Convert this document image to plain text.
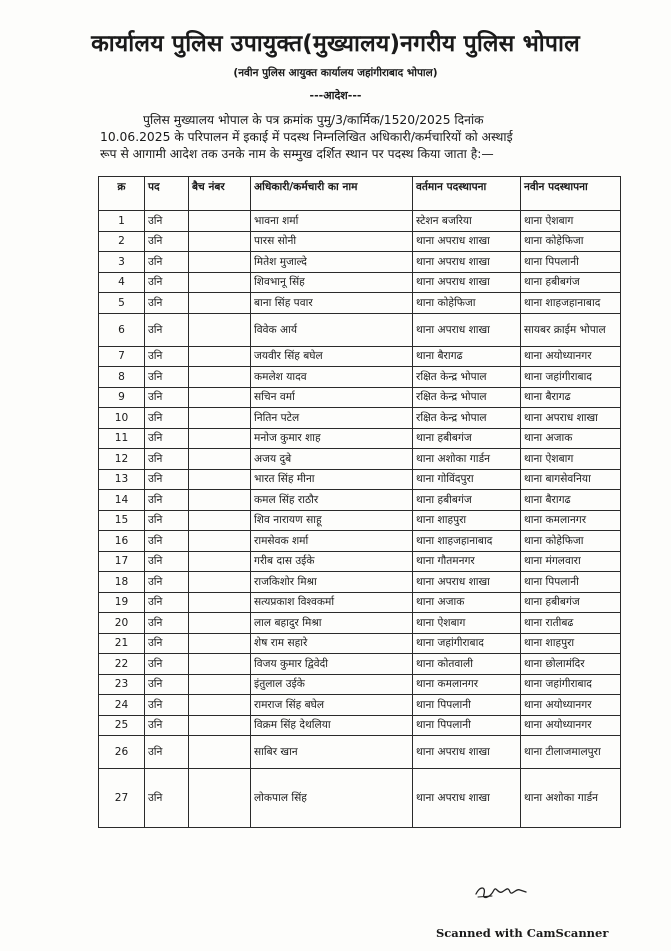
कार्यालय पुलिस उपायुक्त(मुख्यालय)नगरीय पुलिस भोपाल
(नवीन पुलिस आयुक्त कार्यालय जहांगीराबाद भोपाल)
---आदेश---
पुलिस मुख्यालय भोपाल के पत्र क्रमांक पुमु/3/कार्मिक/1520/2025 दिनांक
10.06.2025 के परिपालन में इकाई में पदस्थ निम्नलिखित अधिकारी/कर्मचारियों को अस्थाई
रूप से आगामी आदेश तक उनके नाम के सम्मुख दर्शित स्थान पर पदस्थ किया जाता है:—
क्र	पद	बैच नंबर	अधिकारी/कर्मचारी का नाम	वर्तमान पदस्थापना	नवीन पदस्थापना
1	उनि		भावना शर्मा	स्टेशन बजरिया	थाना ऐशबाग
2	उनि		पारस सोनी	थाना अपराध शाखा	थाना कोहेफिजा
3	उनि		मितेश मुजाल्दे	थाना अपराध शाखा	थाना पिपलानी
4	उनि		शिवभानू सिंह	थाना अपराध शाखा	थाना हबीबगंज
5	उनि		बाना सिंह पवार	थाना कोहेफिजा	थाना शाहजहानाबाद
6	उनि		विवेक आर्य	थाना अपराध शाखा	सायबर क्राईम भोपाल
7	उनि		जयवीर सिंह बघेल	थाना बैरागढ	थाना अयोध्यानगर
8	उनि		कमलेश यादव	रक्षित केन्द्र भोपाल	थाना जहांगीराबाद
9	उनि		सचिन वर्मा	रक्षित केन्द्र भोपाल	थाना बैरागढ
10	उनि		नितिन पटेल	रक्षित केन्द्र भोपाल	थाना अपराध शाखा
11	उनि		मनोज कुमार शाह	थाना हबीबगंज	थाना अजाक
12	उनि		अजय दुबे	थाना अशोका गार्डन	थाना ऐशबाग
13	उनि		भारत सिंह मीना	थाना गोविंदपुरा	थाना बागसेवनिया
14	उनि		कमल सिंह राठौर	थाना हबीबगंज	थाना बैरागढ
15	उनि		शिव नारायण साहू	थाना शाहपुरा	थाना कमलानगर
16	उनि		रामसेवक शर्मा	थाना शाहजहानाबाद	थाना कोहेफिजा
17	उनि		गरीब दास उईके	थाना गौतमनगर	थाना मंगलवारा
18	उनि		राजकिशोर मिश्रा	थाना अपराध शाखा	थाना पिपलानी
19	उनि		सत्यप्रकाश विश्वकर्मा	थाना अजाक	थाना हबीबगंज
20	उनि		लाल बहादुर मिश्रा	थाना ऐशबाग	थाना रातीबढ
21	उनि		शेष राम सहारे	थाना जहांगीराबाद	थाना शाहपुरा
22	उनि		विजय कुमार द्विवेदी	थाना कोतवाली	थाना छोलामंदिर
23	उनि		इंतुलाल उईके	थाना कमलानगर	थाना जहांगीराबाद
24	उनि		रामराज सिंह बघेल	थाना पिपलानी	थाना अयोध्यानगर
25	उनि		विक्रम सिंह देथलिया	थाना पिपलानी	थाना अयोध्यानगर
26	उनि		साबिर खान	थाना अपराध शाखा	थाना टीलाजमालपुरा
27	उनि		लोकपाल सिंह	थाना अपराध शाखा	थाना अशोका गार्डन
Scanned with CamScanner
